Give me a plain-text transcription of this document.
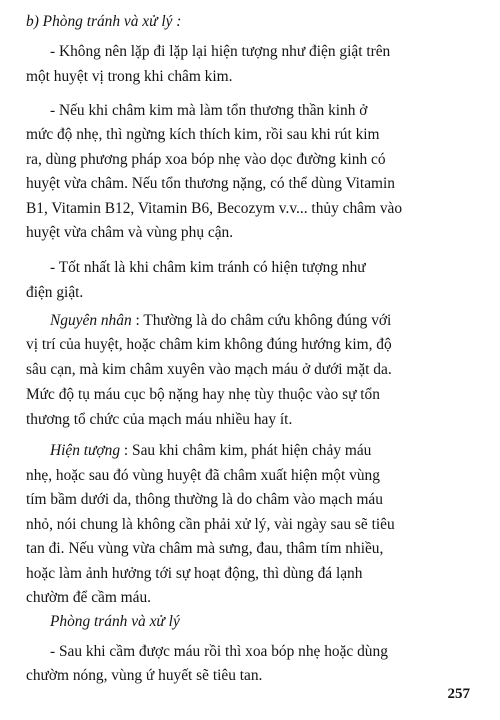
b) Phòng tránh và xử lý :
- Không nên lặp đi lặp lại hiện tượng như điện giật trên
một huyệt vị trong khi châm kim.
- Nếu khi châm kim mà làm tổn thương thần kinh ở
mức độ nhẹ, thì ngừng kích thích kim, rồi sau khi rút kim
ra, dùng phương pháp xoa bóp nhẹ vào dọc đường kinh có
huyệt vừa châm. Nếu tổn thương nặng, có thể dùng Vitamin
B1, Vitamin B12, Vitamin B6, Becozym v.v... thủy châm vào
huyệt vừa châm và vùng phụ cận.
- Tốt nhất là khi châm kim tránh có hiện tượng như
điện giật.
Nguyên nhân : Thường là do châm cứu không đúng với
vị trí của huyệt, hoặc châm kim không đúng hướng kim, độ
sâu cạn, mà kim châm xuyên vào mạch máu ở dưới mặt da.
Mức độ tụ máu cục bộ nặng hay nhẹ tùy thuộc vào sự tổn
thương tổ chức của mạch máu nhiều hay ít.
Hiện tượng : Sau khi châm kim, phát hiện chảy máu
nhẹ, hoặc sau đó vùng huyệt đã châm xuất hiện một vùng
tím bầm dưới da, thông thường là do châm vào mạch máu
nhỏ, nói chung là không cần phải xử lý, vài ngày sau sẽ tiêu
tan đi. Nếu vùng vừa châm mà sưng, đau, thâm tím nhiều,
hoặc làm ảnh hưởng tới sự hoạt động, thì dùng đá lạnh
chườm để cầm máu.
Phòng tránh và xử lý
- Sau khi cầm được máu rồi thì xoa bóp nhẹ hoặc dùng
chườm nóng, vùng ứ huyết sẽ tiêu tan.
257
